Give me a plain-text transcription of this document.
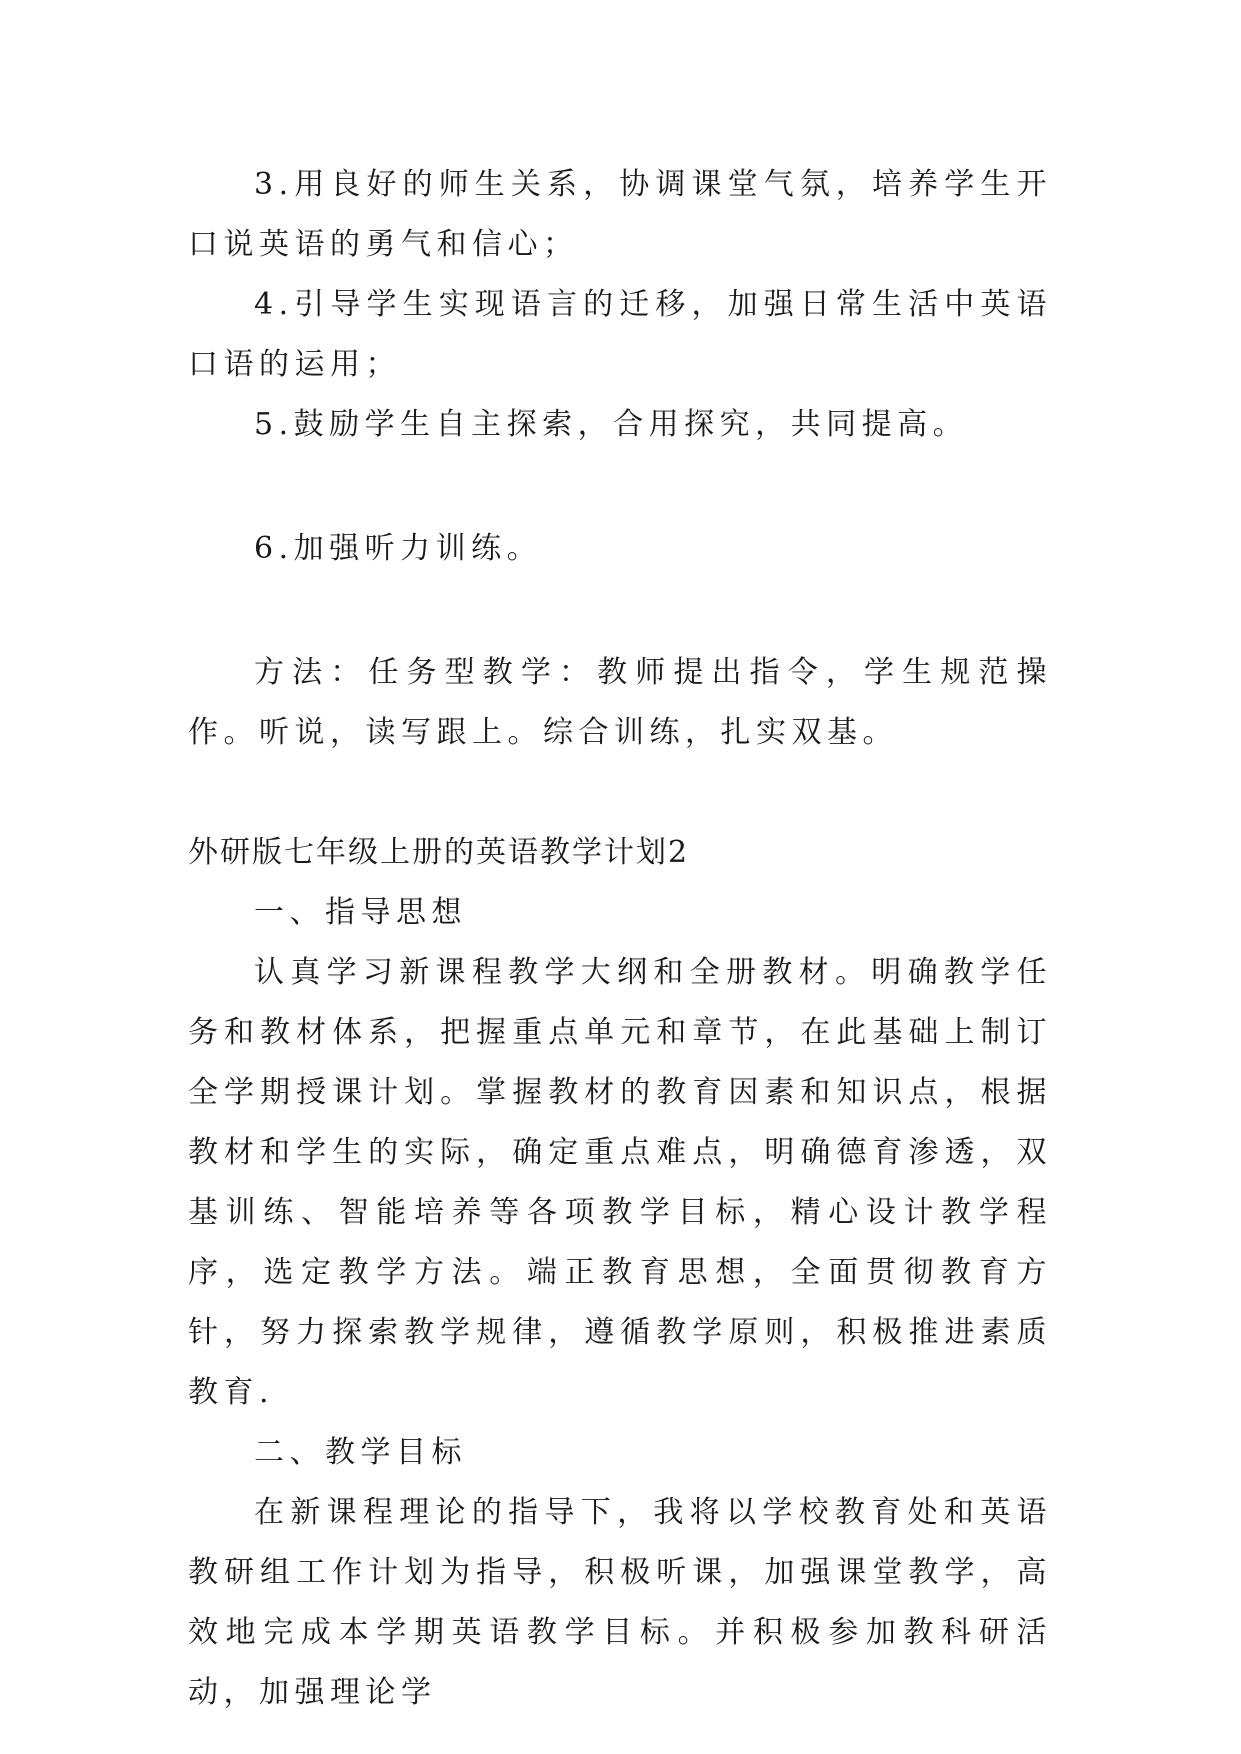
3.用良好的师生关系，协调课堂气氛，培养学生开口说英语的勇气和信心；

4.引导学生实现语言的迁移，加强日常生活中英语口语的运用；

5.鼓励学生自主探索，合用探究，共同提高。

6.加强听力训练。

方法：任务型教学：教师提出指令，学生规范操作。听说，读写跟上。综合训练，扎实双基。

外研版七年级上册的英语教学计划2

一、指导思想

认真学习新课程教学大纲和全册教材。明确教学任务和教材体系，把握重点单元和章节，在此基础上制订全学期授课计划。掌握教材的教育因素和知识点，根据教材和学生的实际，确定重点难点，明确德育渗透，双基训练、智能培养等各项教学目标，精心设计教学程序，选定教学方法。端正教育思想，全面贯彻教育方针，努力探索教学规律，遵循教学原则，积极推进素质教育.

二、教学目标

在新课程理论的指导下，我将以学校教育处和英语教研组工作计划为指导，积极听课，加强课堂教学，高效地完成本学期英语教学目标。并积极参加教科研活动，加强理论学
